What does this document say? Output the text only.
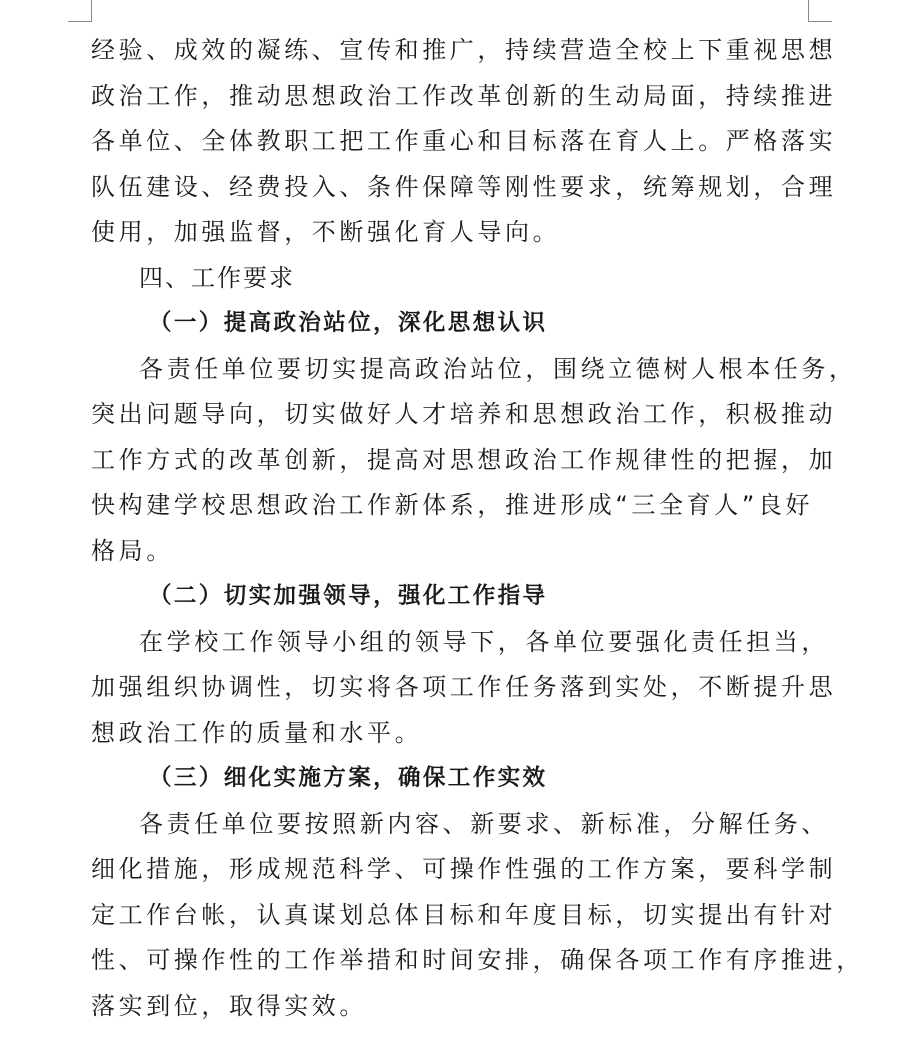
经验、成效的凝练、宣传和推广，持续营造全校上下重视思想
政治工作，推动思想政治工作改革创新的生动局面，持续推进
各单位、全体教职工把工作重心和目标落在育人上。严格落实
队伍建设、经费投入、条件保障等刚性要求，统筹规划，合理
使用，加强监督，不断强化育人导向。
四、工作要求
（一）提高政治站位，深化思想认识
各责任单位要切实提高政治站位，围绕立德树人根本任务，
突出问题导向，切实做好人才培养和思想政治工作，积极推动
工作方式的改革创新，提高对思想政治工作规律性的把握，加
快构建学校思想政治工作新体系，推进形成“三全育人”良好
格局。
（二）切实加强领导，强化工作指导
在学校工作领导小组的领导下，各单位要强化责任担当，
加强组织协调性，切实将各项工作任务落到实处，不断提升思
想政治工作的质量和水平。
（三）细化实施方案，确保工作实效
各责任单位要按照新内容、新要求、新标准，分解任务、
细化措施，形成规范科学、可操作性强的工作方案，要科学制
定工作台帐，认真谋划总体目标和年度目标，切实提出有针对
性、可操作性的工作举措和时间安排，确保各项工作有序推进，
落实到位，取得实效。
